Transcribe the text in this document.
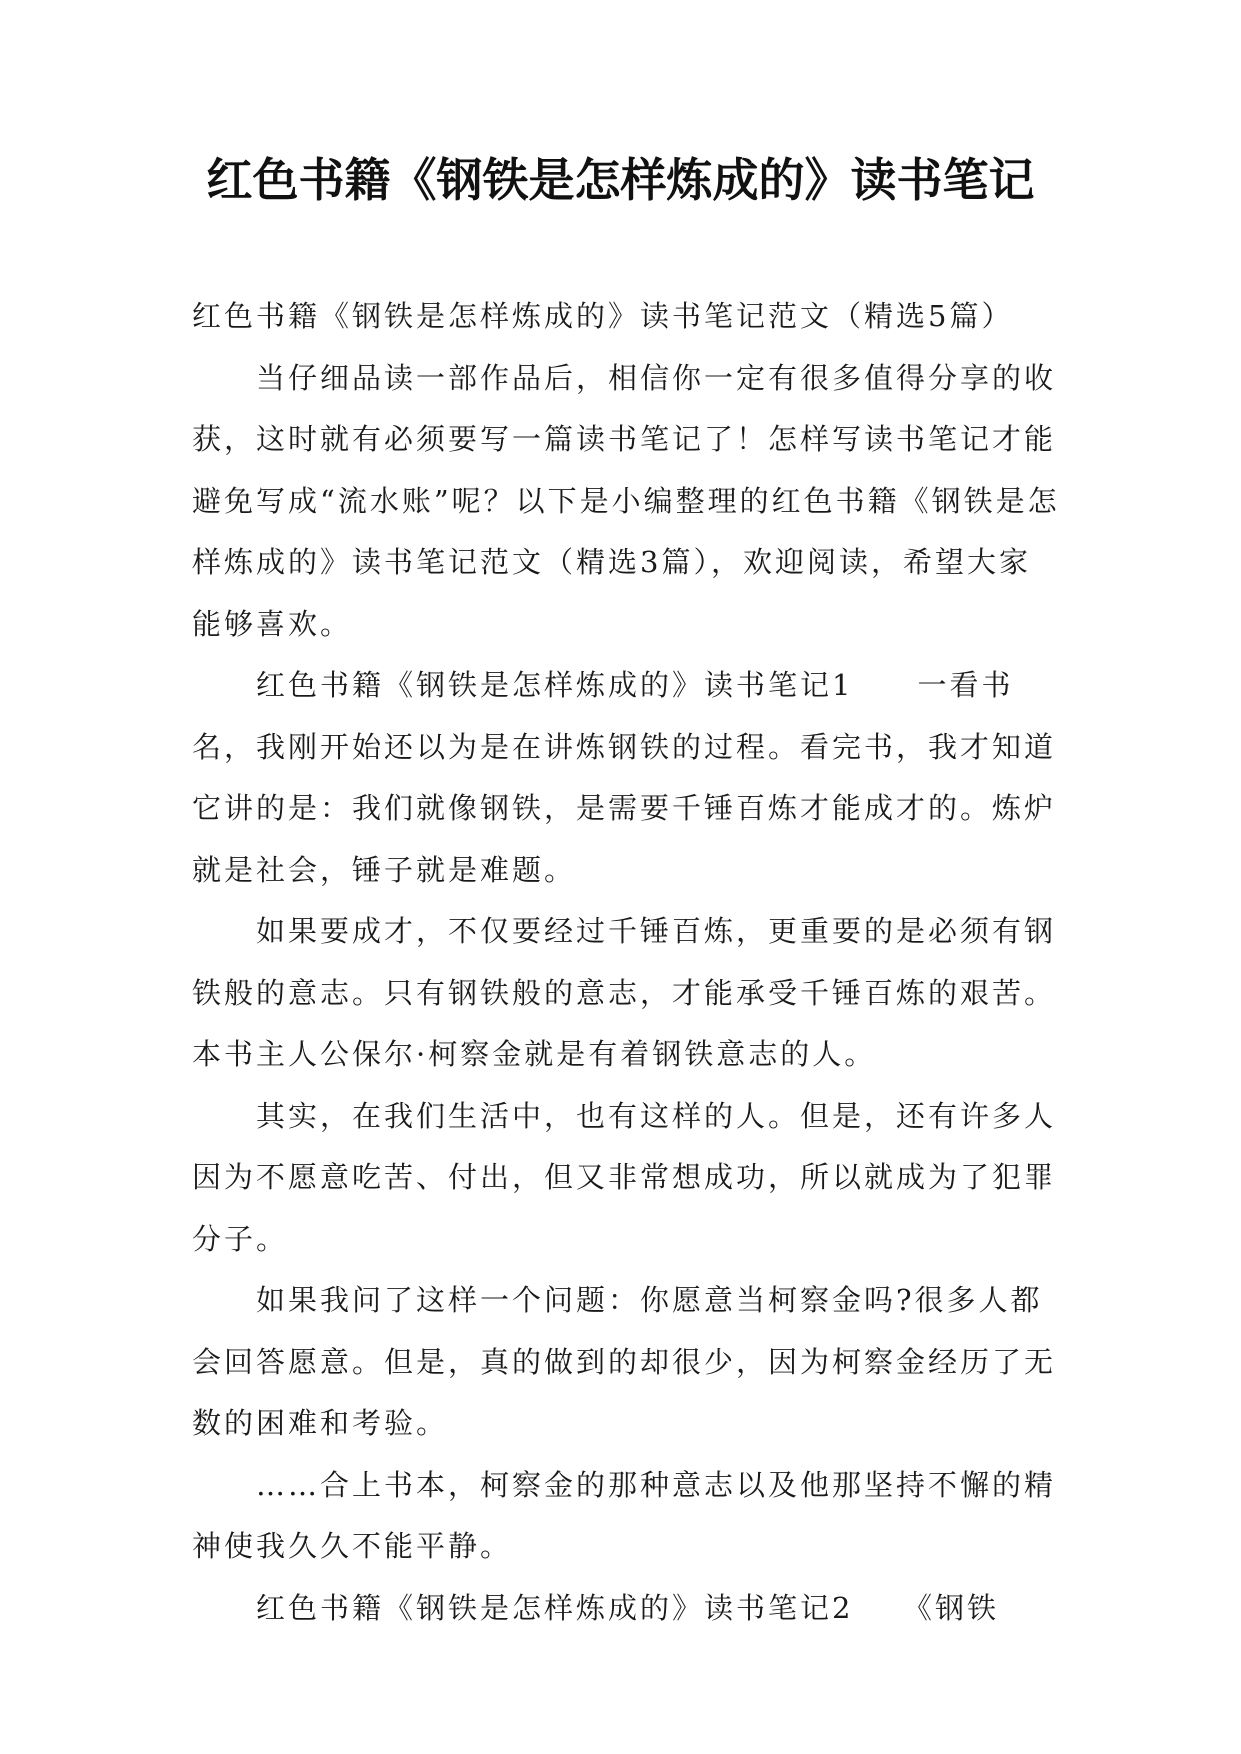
红色书籍《钢铁是怎样炼成的》读书笔记

红色书籍《钢铁是怎样炼成的》读书笔记范文（精选5篇）

当仔细品读一部作品后，相信你一定有很多值得分享的收获，这时就有必须要写一篇读书笔记了！怎样写读书笔记才能避免写成“流水账”呢？以下是小编整理的红色书籍《钢铁是怎样炼成的》读书笔记范文（精选3篇），欢迎阅读，希望大家能够喜欢。

红色书籍《钢铁是怎样炼成的》读书笔记1　　一看书名，我刚开始还以为是在讲炼钢铁的过程。看完书，我才知道它讲的是：我们就像钢铁，是需要千锤百炼才能成才的。炼炉就是社会，锤子就是难题。

如果要成才，不仅要经过千锤百炼，更重要的是必须有钢铁般的意志。只有钢铁般的意志，才能承受千锤百炼的艰苦。本书主人公保尔·柯察金就是有着钢铁意志的人。

其实，在我们生活中，也有这样的人。但是，还有许多人因为不愿意吃苦、付出，但又非常想成功，所以就成为了犯罪分子。

如果我问了这样一个问题：你愿意当柯察金吗?很多人都会回答愿意。但是，真的做到的却很少，因为柯察金经历了无数的困难和考验。

……合上书本，柯察金的那种意志以及他那坚持不懈的精神使我久久不能平静。

红色书籍《钢铁是怎样炼成的》读书笔记2　　《钢铁
